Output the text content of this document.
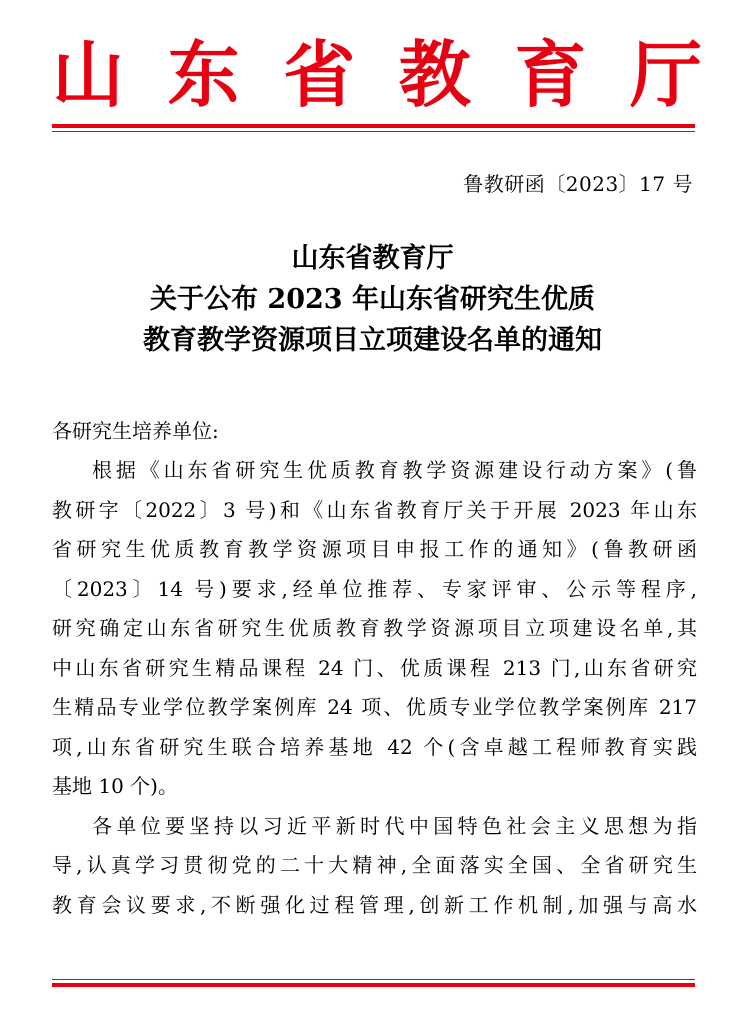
山 东 省 教 育 厅
鲁教研函〔2023〕17 号
山东省教育厅
关于公布 2023 年山东省研究生优质
教育教学资源项目立项建设名单的通知
各研究生培养单位:
根据《山东省研究生优质教育教学资源建设行动方案》(鲁
教研字〔2022〕3 号)和《山东省教育厅关于开展 2023 年山东
省研究生优质教育教学资源项目申报工作的通知》(鲁教研函
〔2023〕14 号)要求,经单位推荐、专家评审、公示等程序,
研究确定山东省研究生优质教育教学资源项目立项建设名单,其
中山东省研究生精品课程 24 门、优质课程 213 门,山东省研究
生精品专业学位教学案例库 24 项、优质专业学位教学案例库 217
项,山东省研究生联合培养基地 42 个(含卓越工程师教育实践
基地 10 个)。
各单位要坚持以习近平新时代中国特色社会主义思想为指
导,认真学习贯彻党的二十大精神,全面落实全国、全省研究生
教育会议要求,不断强化过程管理,创新工作机制,加强与高水
